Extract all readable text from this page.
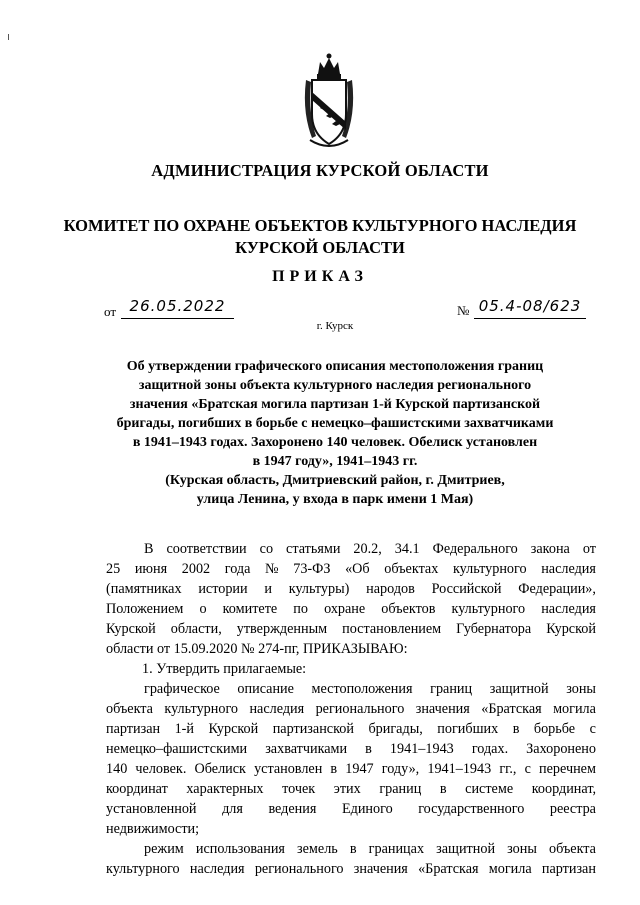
АДМИНИСТРАЦИЯ КУРСКОЙ ОБЛАСТИ
КОМИТЕТ ПО ОХРАНЕ ОБЪЕКТОВ КУЛЬТУРНОГО НАСЛЕДИЯ
КУРСКОЙ ОБЛАСТИ
ПРИКАЗ
от 26.05.2022	№ 05.4-08/623
г. Курск
Об утверждении графического описания местоположения границ
защитной зоны объекта культурного наследия регионального
значения «Братская могила партизан 1-й Курской партизанской
бригады, погибших в борьбе с немецко–фашистскими захватчиками
в 1941–1943 годах. Захоронено 140 человек. Обелиск установлен
в 1947 году», 1941–1943 гг.
(Курская область, Дмитриевский район, г. Дмитриев,
улица Ленина, у входа в парк имени 1 Мая)
В соответствии со статьями 20.2, 34.1 Федерального закона от
25 июня 2002 года № 73-ФЗ «Об объектах культурного наследия
(памятниках истории и культуры) народов Российской Федерации»,
Положением о комитете по охране объектов культурного наследия
Курской области, утвержденным постановлением Губернатора Курской
области от 15.09.2020 № 274-пг, ПРИКАЗЫВАЮ:
1. Утвердить прилагаемые:
графическое описание местоположения границ защитной зоны
объекта культурного наследия регионального значения «Братская могила
партизан 1-й Курской партизанской бригады, погибших в борьбе с
немецко–фашистскими захватчиками в 1941–1943 годах. Захоронено
140 человек. Обелиск установлен в 1947 году», 1941–1943 гг., с перечнем
координат характерных точек этих границ в системе координат,
установленной для ведения Единого государственного реестра
недвижимости;
режим использования земель в границах защитной зоны объекта
культурного наследия регионального значения «Братская могила партизан
